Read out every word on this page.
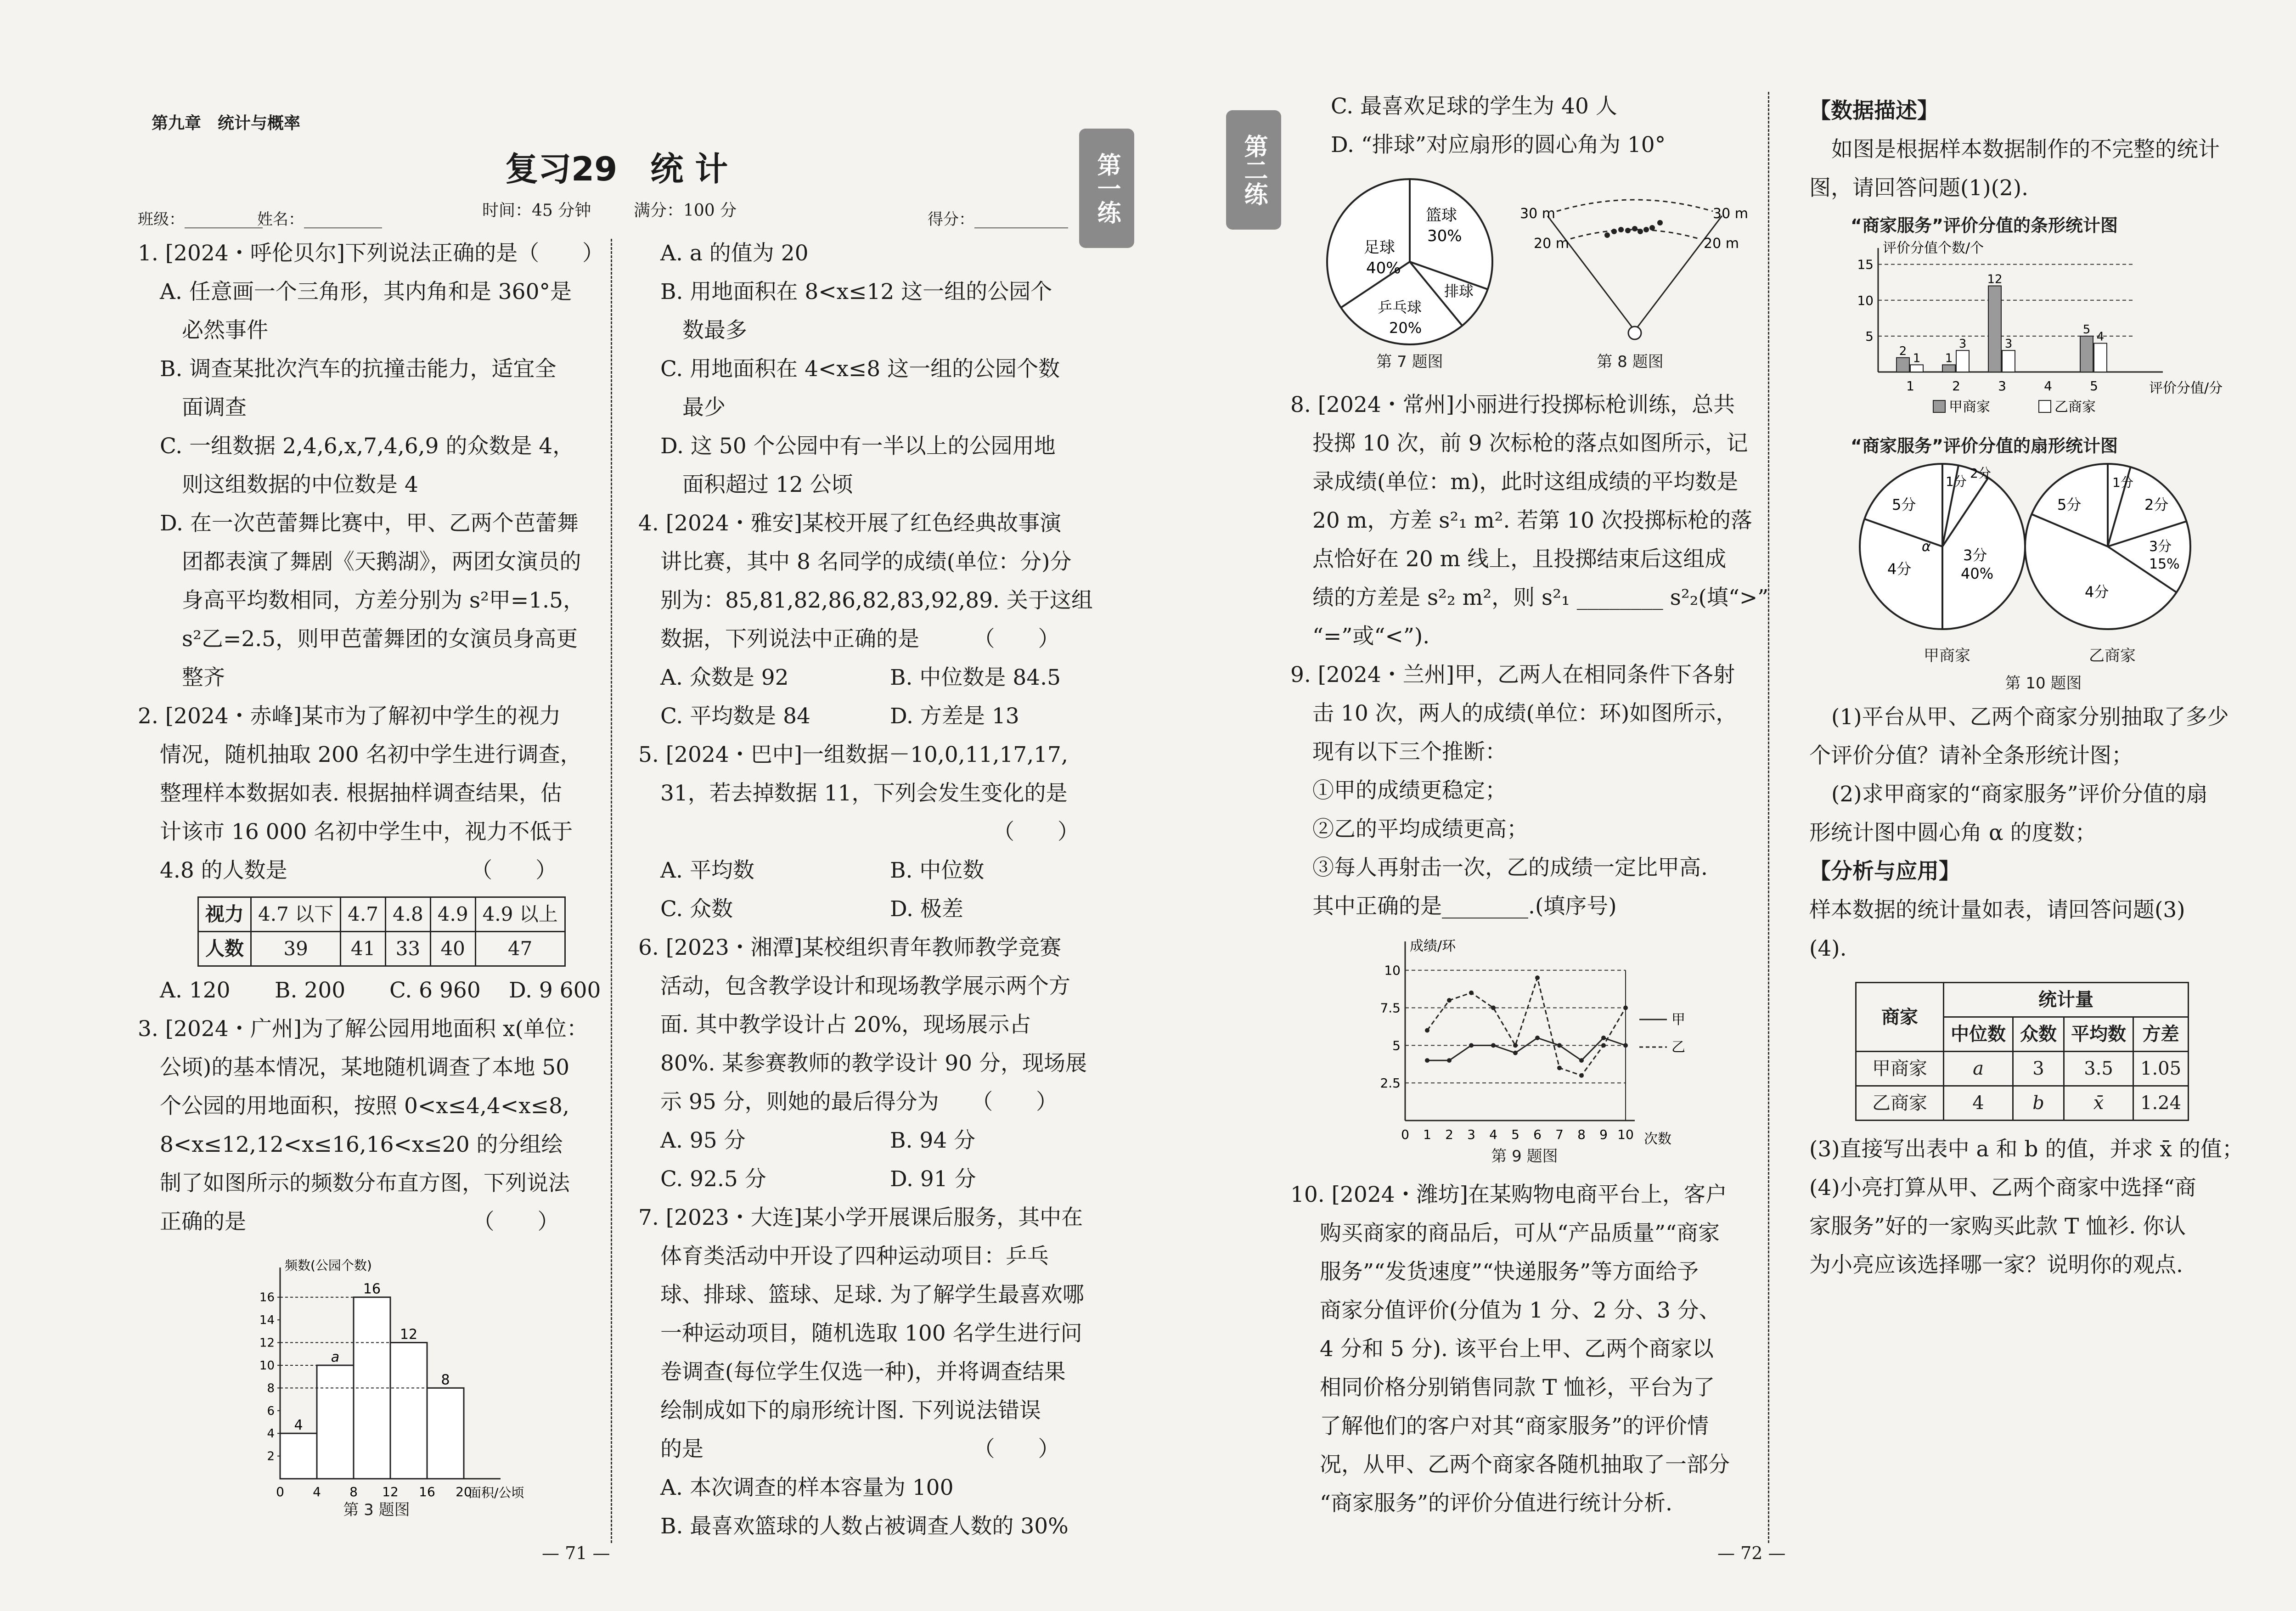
第九章　统计与概率
复习29　统 计	第一练
时间：45 分钟	满分：100 分
班级：__________
姓名：__________	得分：____________

1. [2024・呼伦贝尔]下列说法正确的是（　　）

A. 任意画一个三角形，其内角和是 360°是

必然事件

B. 调查某批次汽车的抗撞击能力，适宜全

面调查

C. 一组数据 2,4,6,x,7,4,6,9 的众数是 4，

则这组数据的中位数是 4

D. 在一次芭蕾舞比赛中，甲、乙两个芭蕾舞

团都表演了舞剧《天鹅湖》，两团女演员的

身高平均数相同，方差分别为 s²甲=1.5，

s²乙=2.5，则甲芭蕾舞团的女演员身高更

整齐

2. [2024・赤峰]某市为了解初中学生的视力

情况，随机抽取 200 名初中学生进行调查，

整理样本数据如表. 根据抽样调查结果，估

计该市 16 000 名初中学生中，视力不低于

4.8 的人数是　　　　　　　　　（　　）

视力	4.7 以下	4.7	4.8	4.9	4.9 以上
人数	39	41	33	40	47

A. 120 B. 200 C. 6 960 D. 9 600

3. [2024・广州]为了解公园用地面积 x(单位：

公顷)的基本情况，某地随机调查了本地 50

个公园的用地面积，按照 0<x≤4,4<x≤8,

8<x≤12,12<x≤16,16<x≤20 的分组绘

制了如图所示的频数分布直方图，下列说法

正确的是　　　　　　　　　　　（　　）

频数(公园个数)
面积/公顷
2
4
6
8
10
12
14
16
0 4 8 12 16 20
4
a
16
12
8
第 3 题图

A. a 的值为 20

B. 用地面积在 8<x≤12 这一组的公园个

数最多

C. 用地面积在 4<x≤8 这一组的公园个数

最少

D. 这 50 个公园中有一半以上的公园用地

面积超过 12 公顷

4. [2024・雅安]某校开展了红色经典故事演

讲比赛，其中 8 名同学的成绩(单位：分)分

别为：85,81,82,86,82,83,92,89. 关于这组

数据，下列说法中正确的是　　　（　　）

A. 众数是 92	B. 中位数是 84.5

C. 平均数是 84	D. 方差是 13

5. [2024・巴中]一组数据－10,0,11,17,17,

31，若去掉数据 11，下列会发生变化的是

（　　）

A. 平均数	B. 中位数

C. 众数	D. 极差

6. [2023・湘潭]某校组织青年教师教学竞赛

活动，包含教学设计和现场教学展示两个方

面. 其中教学设计占 20%，现场展示占

80%. 某参赛教师的教学设计 90 分，现场展

示 95 分，则她的最后得分为　　（　　）

A. 95 分	B. 94 分

C. 92.5 分	D. 91 分

7. [2023・大连]某小学开展课后服务，其中在

体育类活动中开设了四种运动项目：乒乓

球、排球、篮球、足球. 为了解学生最喜欢哪

一种运动项目，随机选取 100 名学生进行问

卷调查(每位学生仅选一种)，并将调查结果

绘制成如下的扇形统计图. 下列说法错误

的是　　　　　　　　　　　　　（　　）

A. 本次调查的样本容量为 100

B. 最喜欢篮球的人数占被调查人数的 30%

— 71 —
第二练

C. 最喜欢足球的学生为 40 人

D. “排球”对应扇形的圆心角为 10°

足球
40%
篮球
30%
排球
乒乓球
20%
第 7 题图
30 m	30 m
20 m	20 m
第 8 题图

8. [2024・常州]小丽进行投掷标枪训练，总共

投掷 10 次，前 9 次标枪的落点如图所示，记

录成绩(单位：m)，此时这组成绩的平均数是

20 m，方差 s²₁ m². 若第 10 次投掷标枪的落

点恰好在 20 m 线上，且投掷结束后这组成

绩的方差是 s²₂ m²，则 s²₁ ________ s²₂(填“>”

“=”或“<”).

9. [2024・兰州]甲，乙两人在相同条件下各射

击 10 次，两人的成绩(单位：环)如图所示，

现有以下三个推断：

①甲的成绩更稳定；

②乙的平均成绩更高；

③每人再射击一次，乙的成绩一定比甲高.

其中正确的是________.(填序号)

成绩/环
次数
2.5
5
7.5
10
0 1 2 3 4 5 6 7 8 9 10
甲
乙
第 9 题图

10. [2024・潍坊]在某购物电商平台上，客户

购买商家的商品后，可从“产品质量”“商家

服务”“发货速度”“快递服务”等方面给予

商家分值评价(分值为 1 分、2 分、3 分、

4 分和 5 分). 该平台上甲、乙两个商家以

相同价格分别销售同款 T 恤衫，平台为了

了解他们的客户对其“商家服务”的评价情

况，从甲、乙两个商家各随机抽取了一部分

“商家服务”的评价分值进行统计分析.

【数据描述】

如图是根据样本数据制作的不完整的统计

图，请回答问题(1)(2).

“商家服务”评价分值的条形统计图
评价分值个数/个
评价分值/分
5
10
15
1
2
1
2
1
3
3
12
3
4	5
5
4
甲商家	乙商家
“商家服务”评价分值的扇形统计图
1分
2分
5分
α 3分
40%
4分
1分
5分	2分
3分
15%
4分
甲商家	乙商家
第 10 题图

(1)平台从甲、乙两个商家分别抽取了多少

个评价分值？请补全条形统计图；

(2)求甲商家的“商家服务”评价分值的扇

形统计图中圆心角 α 的度数；

【分析与应用】

样本数据的统计量如表，请回答问题(3)

(4).

商家	统计量			
	中位数	众数	平均数	方差
甲商家	a	3	3.5	1.05
乙商家	4	b	x̄	1.24

(3)直接写出表中 a 和 b 的值，并求 x̄ 的值；

(4)小亮打算从甲、乙两个商家中选择“商

家服务”好的一家购买此款 T 恤衫. 你认

为小亮应该选择哪一家？说明你的观点.

— 72 —
